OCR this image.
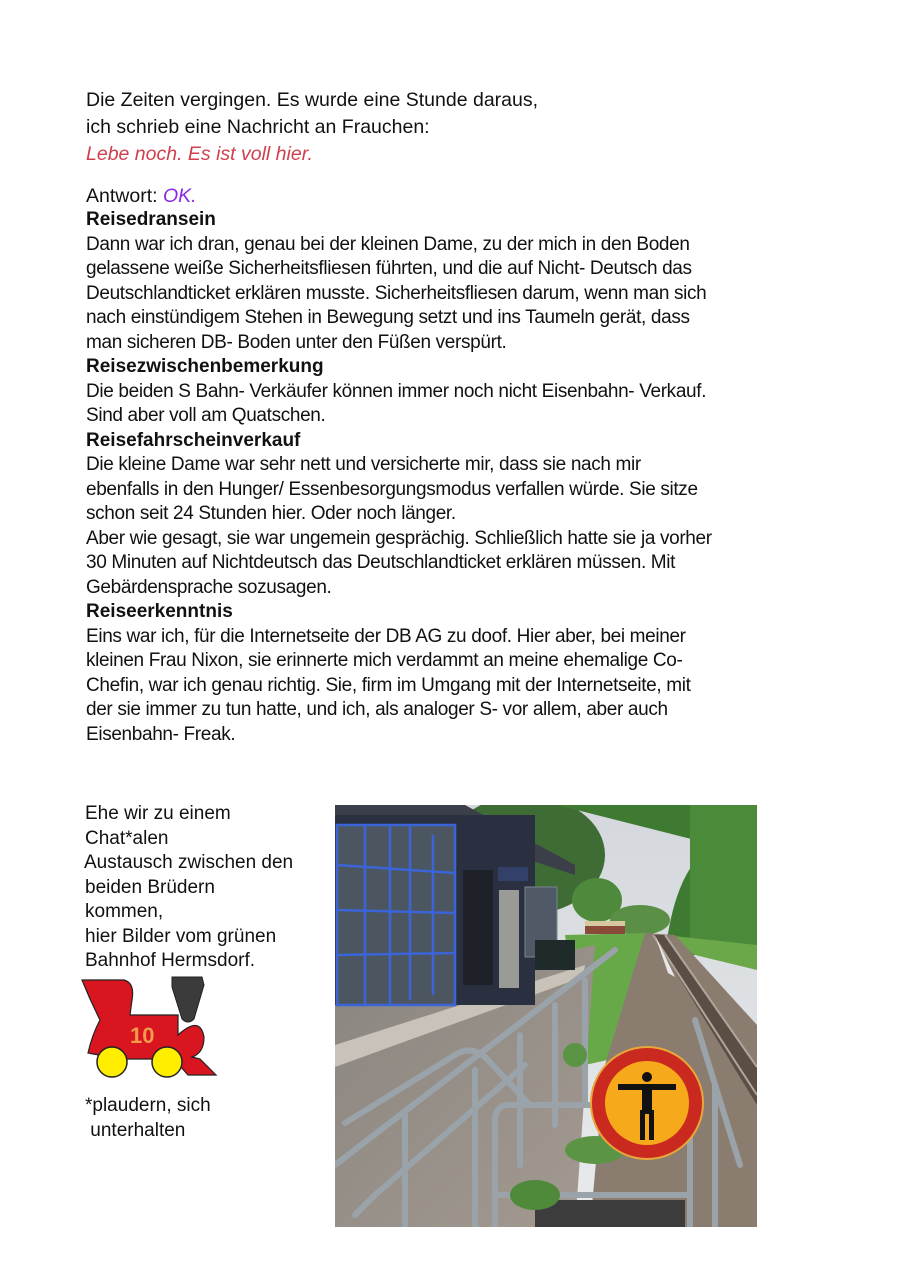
Die Zeiten vergingen. Es wurde eine Stunde daraus,
ich schrieb eine Nachricht an Frauchen:
Lebe noch. Es ist voll hier.
Antwort: OK.
Reisedransein
Dann war ich dran, genau bei der kleinen Dame, zu der mich in den Boden
gelassene weiße Sicherheitsfliesen führten, und die auf Nicht- Deutsch das
Deutschlandticket erklären musste. Sicherheitsfliesen darum, wenn man sich
nach einstündigem Stehen in Bewegung setzt und ins Taumeln gerät, dass
man sicheren DB- Boden unter den Füßen verspürt.
Reisezwischenbemerkung
Die beiden S Bahn- Verkäufer können immer noch nicht Eisenbahn- Verkauf.
Sind aber voll am Quatschen.
Reisefahrscheinverkauf
Die kleine Dame war sehr nett und versicherte mir, dass sie nach mir
ebenfalls in den Hunger/ Essenbesorgungsmodus verfallen würde. Sie sitze
schon seit 24 Stunden hier. Oder noch länger.
Aber wie gesagt, sie war ungemein gesprächig. Schließlich hatte sie ja vorher
30 Minuten auf Nichtdeutsch das Deutschlandticket erklären müssen. Mit
Gebärdensprache sozusagen.
Reiseerkenntnis
Eins war ich, für die Internetseite der DB AG zu doof. Hier aber, bei meiner
kleinen Frau Nixon, sie erinnerte mich verdammt an meine ehemalige Co-
Chefin, war ich genau richtig. Sie, firm im Umgang mit der Internetseite, mit
der sie immer zu tun hatte, und ich, als analoger S- vor allem, aber auch
Eisenbahn- Freak.
Ehe wir zu einem
Chat*alen
Austausch zwischen den
beiden Brüdern
kommen,
hier Bilder vom grünen
Bahnhof Hermsdorf.
10
*plaudern, sich
unterhalten
